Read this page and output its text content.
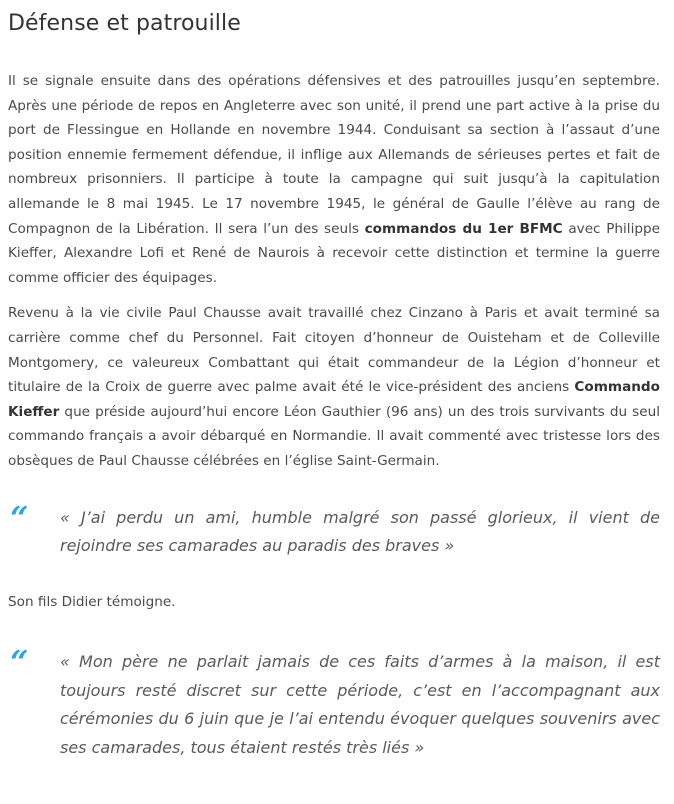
Défense et patrouille

Il se signale ensuite dans des opérations défensives et des patrouilles jusqu’en septembre. Après une période de repos en Angleterre avec son unité, il prend une part active à la prise du port de Flessingue en Hollande en novembre 1944. Conduisant sa section à l’assaut d’une position ennemie fermement défendue, il inflige aux Allemands de sérieuses pertes et fait de nombreux prisonniers. Il participe à toute la campagne qui suit jusqu’à la capitulation allemande le 8 mai 1945. Le 17 novembre 1945, le général de Gaulle l’élève au rang de Compagnon de la Libération. Il sera l’un des seuls commandos du 1er BFMC avec Philippe Kieffer, Alexandre Lofi et René de Naurois à recevoir cette distinction et termine la guerre comme officier des équipages.

Revenu à la vie civile Paul Chausse avait travaillé chez Cinzano à Paris et avait terminé sa carrière comme chef du Personnel. Fait citoyen d’honneur de Ouisteham et de Colleville Montgomery, ce valeureux Combattant qui était commandeur de la Légion d’honneur et titulaire de la Croix de guerre avec palme avait été le vice-président des anciens Commando Kieffer que préside aujourd’hui encore Léon Gauthier (96 ans) un des trois survivants du seul commando français a avoir débarqué en Normandie. Il avait commenté avec tristesse lors des obsèques de Paul Chausse célébrées en l’église Saint-Germain.

“ « J’ai perdu un ami, humble malgré son passé glorieux, il vient de rejoindre ses camarades au paradis des braves »

Son fils Didier témoigne.

“ « Mon père ne parlait jamais de ces faits d’armes à la maison, il est toujours resté discret sur cette période, c’est en l’accompagnant aux cérémonies du 6 juin que je l’ai entendu évoquer quelques souvenirs avec ses camarades, tous étaient restés très liés »
